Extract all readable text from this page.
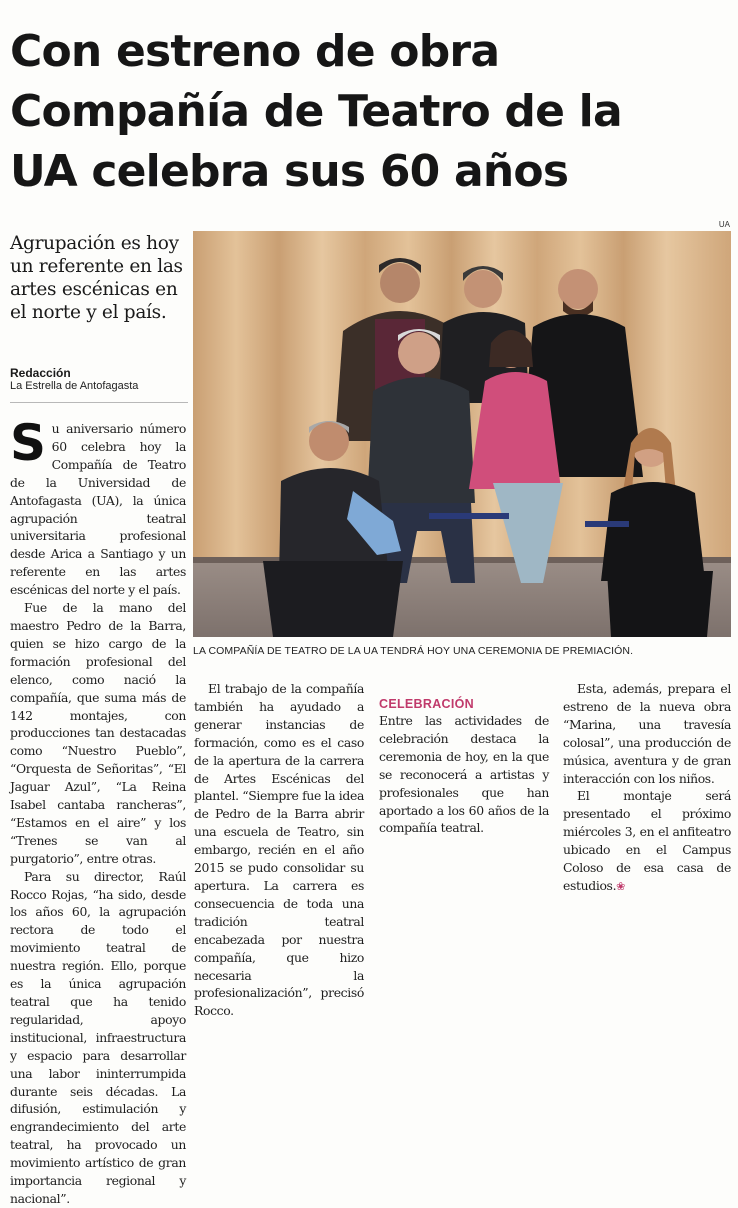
Con estreno de obra
Compañía de Teatro de la
UA celebra sus 60 años
Agrupación es hoy un referente en las artes escénicas en el norte y el país.
Redacción
La Estrella de Antofagasta
UA
LA COMPAÑÍA DE TEATRO DE LA UA TENDRÁ HOY UNA CEREMONIA DE PREMIACIÓN.

Su aniversario número 60 celebra hoy la Compañía de Teatro de la Universidad de Antofagasta (UA), la única agrupación teatral universitaria profesional desde Arica a Santiago y un referente en las artes escénicas del norte y el país.

Fue de la mano del maestro Pedro de la Barra, quien se hizo cargo de la formación profesional del elenco, como nació la compañía, que suma más de 142 montajes, con producciones tan destacadas como “Nuestro Pueblo”, “Orquesta de Señoritas”, “El Jaguar Azul”, “La Reina Isabel cantaba rancheras”, “Estamos en el aire” y los “Trenes se van al purgatorio”, entre otras.

Para su director, Raúl Rocco Rojas, “ha sido, desde los años 60, la agrupación rectora de todo el movimiento teatral de nuestra región. Ello, porque es la única agrupación teatral que ha tenido regularidad, apoyo institucional, infraestructura y espacio para desarrollar una labor ininterrumpida durante seis décadas. La difusión, estimulación y engrandecimiento del arte teatral, ha provocado un movimiento artístico de gran importancia regional y nacional”.

El trabajo de la compañía también ha ayudado a generar instancias de formación, como es el caso de la apertura de la carrera de Artes Escénicas del plantel. “Siempre fue la idea de Pedro de la Barra abrir una escuela de Teatro, sin embargo, recién en el año 2015 se pudo consolidar su apertura. La carrera es consecuencia de toda una tradición teatral encabezada por nuestra compañía, que hizo necesaria la profesionalización”, precisó Rocco.

CELEBRACIÓN

Entre las actividades de celebración destaca la ceremonia de hoy, en la que se reconocerá a artistas y profesionales que han aportado a los 60 años de la compañía teatral.

Esta, además, prepara el estreno de la nueva obra “Marina, una travesía colosal”, una producción de música, aventura y de gran interacción con los niños.

El montaje será presentado el próximo miércoles 3, en el anfiteatro ubicado en el Campus Coloso de esa casa de estudios.❀
